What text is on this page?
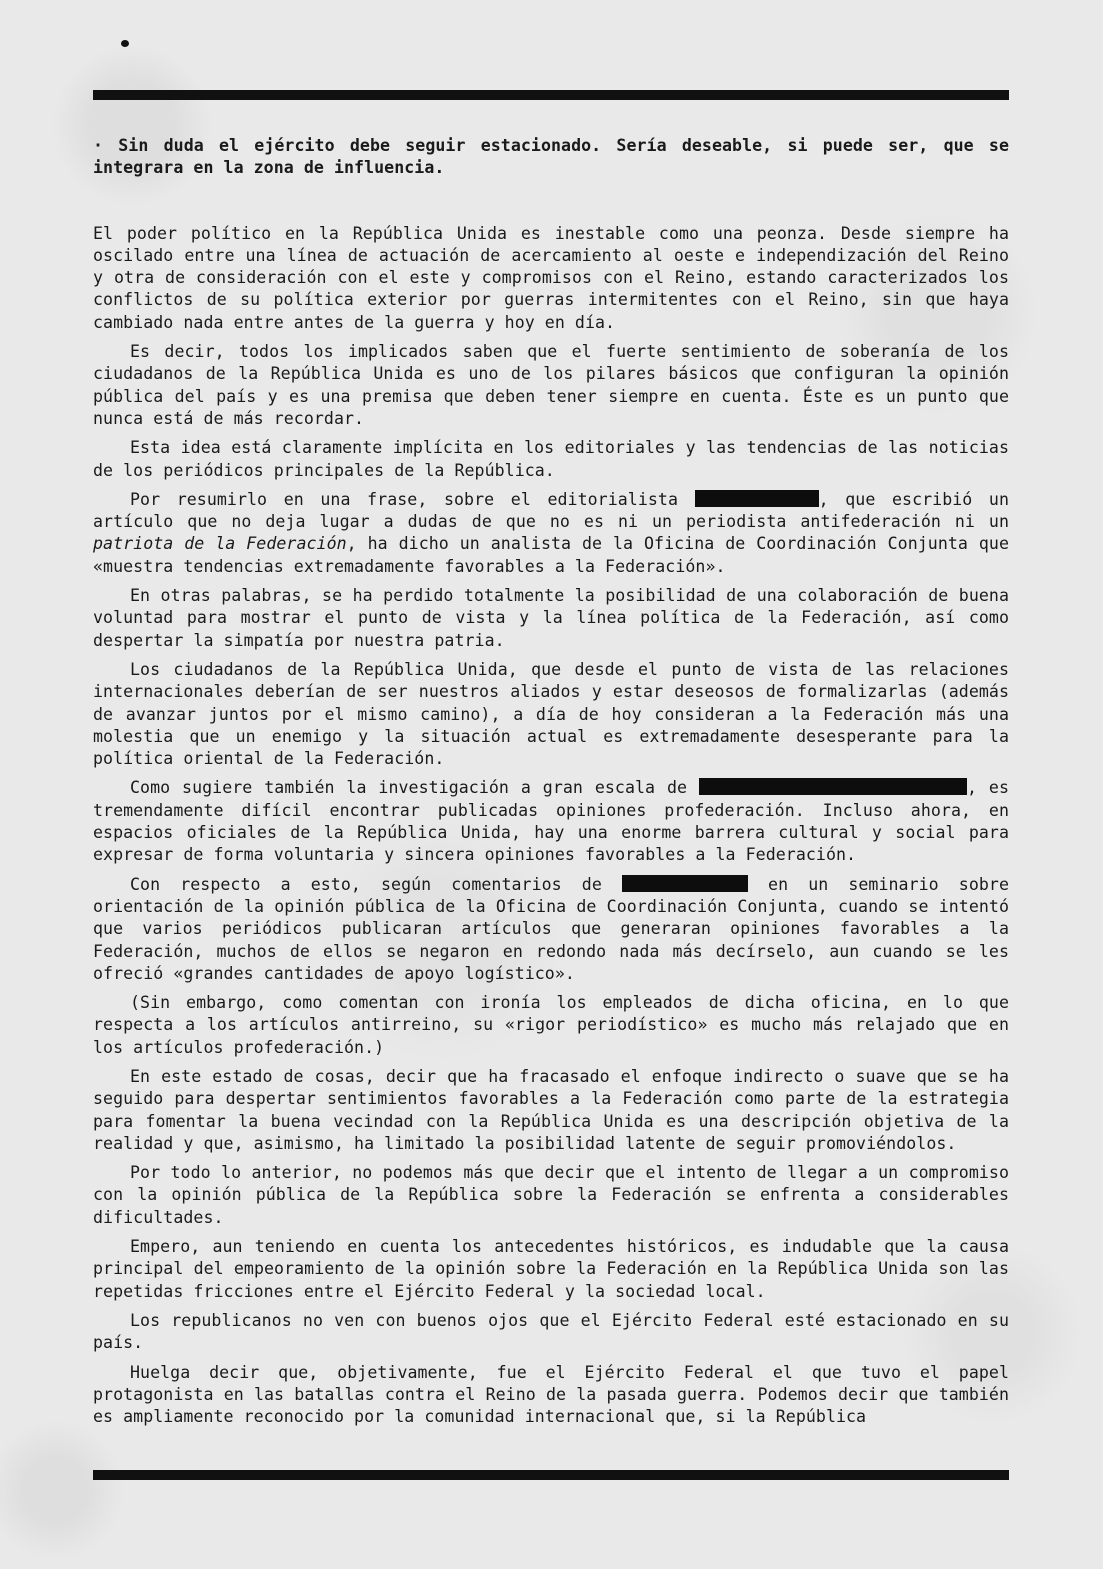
· Sin duda el ejército debe seguir estacionado. Sería deseable, si puede ser, que se integrara en la zona de influencia.

El poder político en la República Unida es inestable como una peonza. Desde siempre ha oscilado entre una línea de actuación de acercamiento al oeste e independización del Reino y otra de consideración con el este y compromisos con el Reino, estando caracterizados los conflictos de su política exterior por guerras intermitentes con el Reino, sin que haya cambiado nada entre antes de la guerra y hoy en día.

Es decir, todos los implicados saben que el fuerte sentimiento de soberanía de los ciudadanos de la República Unida es uno de los pilares básicos que configuran la opinión pública del país y es una premisa que deben tener siempre en cuenta. Éste es un punto que nunca está de más recordar.

Esta idea está claramente implícita en los editoriales y las tendencias de las noticias de los periódicos principales de la República.

Por resumirlo en una frase, sobre el editorialista	, que escribió un artículo que no deja lugar a dudas de que no es ni un periodista antifederación ni un patriota de la Federación, ha dicho un analista de la Oficina de Coordinación Conjunta que «muestra tendencias extremadamente favorables a la Federación».

En otras palabras, se ha perdido totalmente la posibilidad de una colaboración de buena voluntad para mostrar el punto de vista y la línea política de la Federación, así como despertar la simpatía por nuestra patria.

Los ciudadanos de la República Unida, que desde el punto de vista de las relaciones internacionales deberían de ser nuestros aliados y estar deseosos de formalizarlas (además de avanzar juntos por el mismo camino), a día de hoy consideran a la Federación más una molestia que un enemigo y la situación actual es extremadamente desesperante para la política oriental de la Federación.

Como sugiere también la investigación a gran escala de	, es tremendamente difícil encontrar publicadas opiniones profederación. Incluso ahora, en espacios oficiales de la República Unida, hay una enorme barrera cultural y social para expresar de forma voluntaria y sincera opiniones favorables a la Federación.

Con respecto a esto, según comentarios de	en un seminario sobre orientación de la opinión pública de la Oficina de Coordinación Conjunta, cuando se intentó que varios periódicos publicaran artículos que generaran opiniones favorables a la Federación, muchos de ellos se negaron en redondo nada más decírselo, aun cuando se les ofreció «grandes cantidades de apoyo logístico».

(Sin embargo, como comentan con ironía los empleados de dicha oficina, en lo que respecta a los artículos antirreino, su «rigor periodístico» es mucho más relajado que en los artículos profederación.)

En este estado de cosas, decir que ha fracasado el enfoque indirecto o suave que se ha seguido para despertar sentimientos favorables a la Federación como parte de la estrategia para fomentar la buena vecindad con la República Unida es una descripción objetiva de la realidad y que, asimismo, ha limitado la posibilidad latente de seguir promoviéndolos.

Por todo lo anterior, no podemos más que decir que el intento de llegar a un compromiso con la opinión pública de la República sobre la Federación se enfrenta a considerables dificultades.

Empero, aun teniendo en cuenta los antecedentes históricos, es indudable que la causa principal del empeoramiento de la opinión sobre la Federación en la República Unida son las repetidas fricciones entre el Ejército Federal y la sociedad local.

Los republicanos no ven con buenos ojos que el Ejército Federal esté estacionado en su país.

Huelga decir que, objetivamente, fue el Ejército Federal el que tuvo el papel protagonista en las batallas contra el Reino de la pasada guerra. Podemos decir que también es ampliamente reconocido por la comunidad internacional que, si la República
